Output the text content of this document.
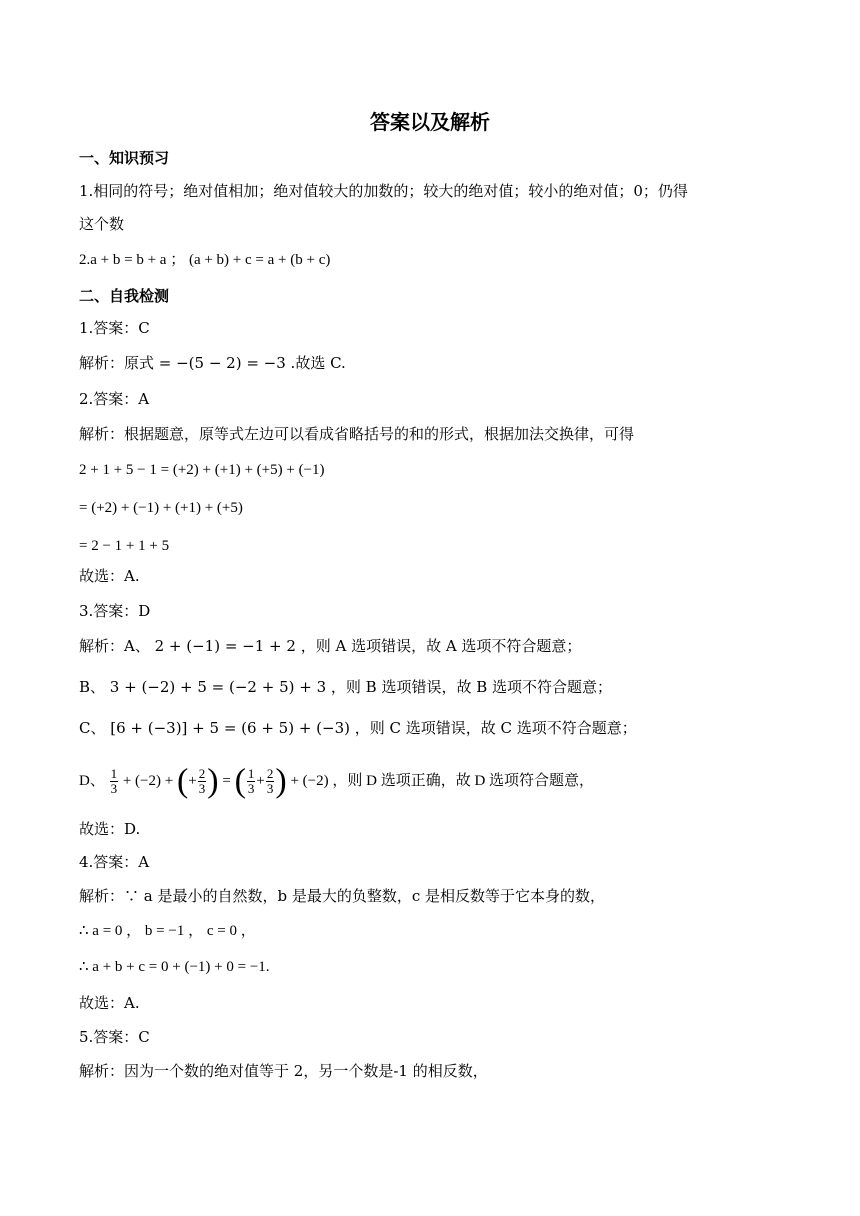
答案以及解析
一、知识预习
1.相同的符号；绝对值相加；绝对值较大的加数的；较大的绝对值；较小的绝对值；0；仍得
这个数
2.a + b = b + a ； (a + b) + c = a + (b + c)
二、自我检测
1.答案：C
解析：原式 = −(5 − 2) = −3 .故选 C.
2.答案：A
解析：根据题意，原等式左边可以看成省略括号的和的形式，根据加法交换律，可得
2 + 1 + 5 − 1 = (+2) + (+1) + (+5) + (−1)
= (+2) + (−1) + (+1) + (+5)
= 2 − 1 + 1 + 5
故选：A.
3.答案：D
解析：A、 2 + (−1) = −1 + 2 ，则 A 选项错误，故 A 选项不符合题意；
B、 3 + (−2) + 5 = (−2 + 5) + 3 ，则 B 选项错误，故 B 选项不符合题意；
C、 [6 + (−3)] + 5 = (6 + 5) + (−3) ，则 C 选项错误，故 C 选项不符合题意；
D、 $\frac{1}{3} + (-2)$ + (+ $\frac{2}{3}$ ) = ( $\frac{1}{3} + \frac{2}{3}$ ) + (−2) ，则 D 选项正确，故 D 选项符合题意，
故选：D.
4.答案：A
解析：∵ a 是最小的自然数，b 是最大的负整数，c 是相反数等于它本身的数，
∴ a = 0 ， b = −1 ， c = 0 ，
∴ a + b + c = 0 + (−1) + 0 = −1.
故选：A.
5.答案：C
解析：因为一个数的绝对值等于 2，另一个数是-1 的相反数，
